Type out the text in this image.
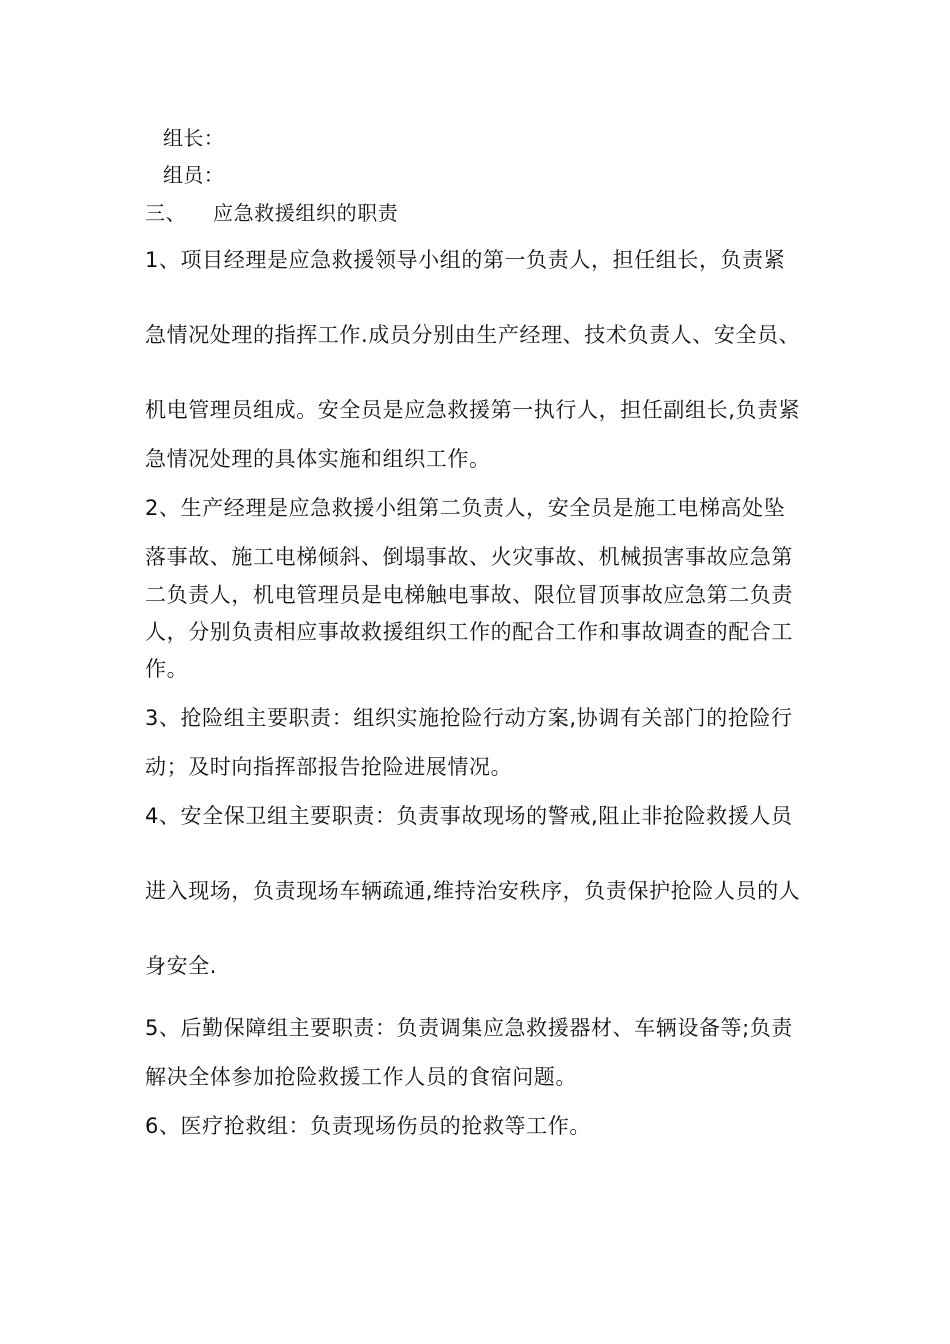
组长：
组员：
三、 应急救援组织的职责
1、项目经理是应急救援领导小组的第一负责人，担任组长，负责紧
急情况处理的指挥工作.成员分别由生产经理、技术负责人、安全员、
机电管理员组成。安全员是应急救援第一执行人，担任副组长,负责紧
急情况处理的具体实施和组织工作。
2、生产经理是应急救援小组第二负责人，安全员是施工电梯高处坠
落事故、施工电梯倾斜、倒塌事故、火灾事故、机械损害事故应急第
二负责人，机电管理员是电梯触电事故、限位冒顶事故应急第二负责
人，分别负责相应事故救援组织工作的配合工作和事故调查的配合工
作。
3、抢险组主要职责：组织实施抢险行动方案,协调有关部门的抢险行
动；及时向指挥部报告抢险进展情况。
4、安全保卫组主要职责：负责事故现场的警戒,阻止非抢险救援人员
进入现场，负责现场车辆疏通,维持治安秩序，负责保护抢险人员的人
身安全.
5、后勤保障组主要职责：负责调集应急救援器材、车辆设备等;负责
解决全体参加抢险救援工作人员的食宿问题。
6、医疗抢救组：负责现场伤员的抢救等工作。
